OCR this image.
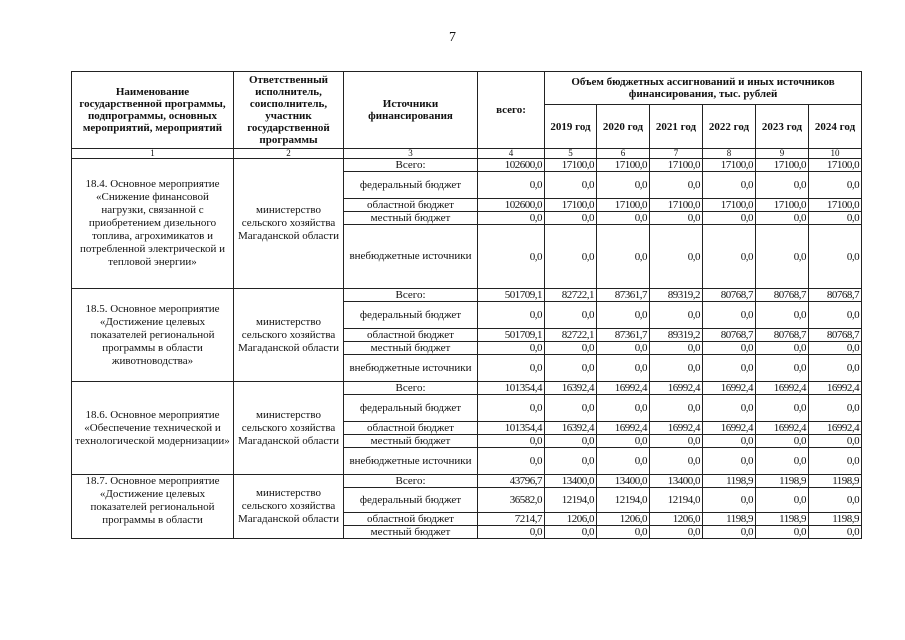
7
Наименование государственной программы, подпрограммы, основных мероприятий, мероприятий	Ответственный исполнитель, соисполнитель, участник государственной программы	Источники финансирования	всего:	Объем бюджетных ассигнований и иных источников финансирования, тыс. рублей					
				2019 год	2020 год	2021 год	2022 год	2023 год	2024 год
1	2	3	4	5	6	7	8	9	10
18.4. Основное мероприятие «Снижение финансовой нагрузки, связанной с приобретением дизельного топлива, агрохимикатов и потребленной электрической и тепловой энергии»	министерство сельского хозяйства Магаданской области	Всего:	102600,0	17100,0	17100,0	17100,0	17100,0	17100,0	17100,0
		федеральный бюджет	0,0	0,0	0,0	0,0	0,0	0,0	0,0
		областной бюджет	102600,0	17100,0	17100,0	17100,0	17100,0	17100,0	17100,0
		местный бюджет	0,0	0,0	0,0	0,0	0,0	0,0	0,0
		внебюджетные источники	0,0	0,0	0,0	0,0	0,0	0,0	0,0
18.5. Основное мероприятие «Достижение целевых показателей региональной программы в области животноводства»	министерство сельского хозяйства Магаданской области	Всего:	501709,1	82722,1	87361,7	89319,2	80768,7	80768,7	80768,7
		федеральный бюджет	0,0	0,0	0,0	0,0	0,0	0,0	0,0
		областной бюджет	501709,1	82722,1	87361,7	89319,2	80768,7	80768,7	80768,7
		местный бюджет	0,0	0,0	0,0	0,0	0,0	0,0	0,0
		внебюджетные источники	0,0	0,0	0,0	0,0	0,0	0,0	0,0
18.6. Основное мероприятие «Обеспечение технической и технологической модернизации»	министерство сельского хозяйства Магаданской области	Всего:	101354,4	16392,4	16992,4	16992,4	16992,4	16992,4	16992,4
		федеральный бюджет	0,0	0,0	0,0	0,0	0,0	0,0	0,0
		областной бюджет	101354,4	16392,4	16992,4	16992,4	16992,4	16992,4	16992,4
		местный бюджет	0,0	0,0	0,0	0,0	0,0	0,0	0,0
		внебюджетные источники	0,0	0,0	0,0	0,0	0,0	0,0	0,0
18.7. Основное мероприятие «Достижение целевых показателей региональной программы в области	министерство сельского хозяйства Магаданской области	Всего:	43796,7	13400,0	13400,0	13400,0	1198,9	1198,9	1198,9
		федеральный бюджет	36582,0	12194,0	12194,0	12194,0	0,0	0,0	0,0
		областной бюджет	7214,7	1206,0	1206,0	1206,0	1198,9	1198,9	1198,9
		местный бюджет	0,0	0,0	0,0	0,0	0,0	0,0	0,0
